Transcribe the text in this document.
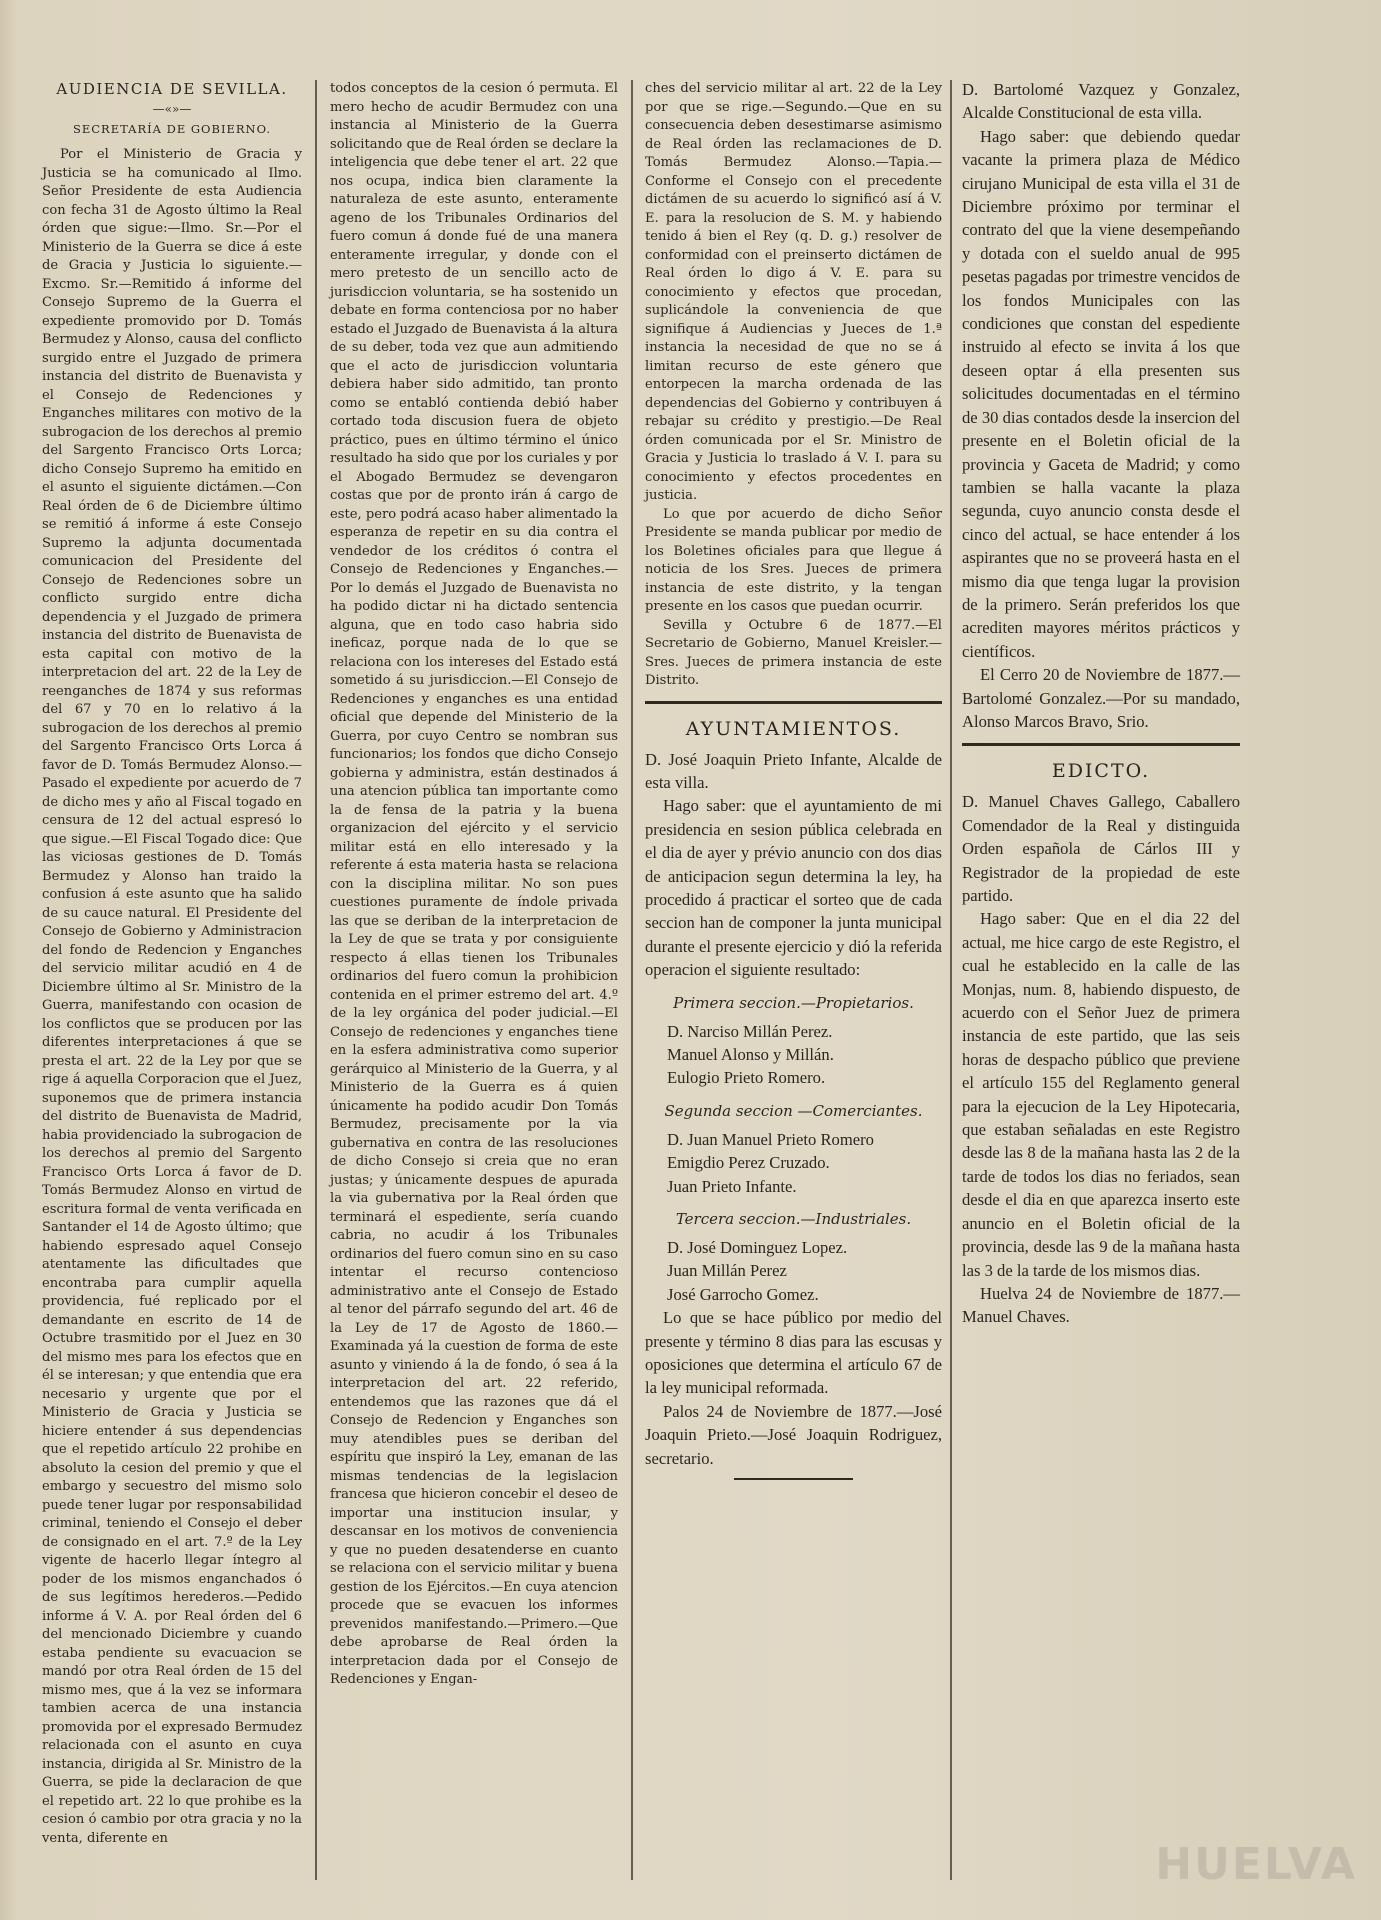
AUDIENCIA DE SEVILLA.

—«»—

SECRETARÍA DE GOBIERNO.

Por el Ministerio de Gracia y Justicia se ha comunicado al Ilmo. Señor Presidente de esta Audiencia con fecha 31 de Agosto último la Real órden que sigue:—Ilmo. Sr.—Por el Ministerio de la Guerra se dice á este de Gracia y Justicia lo siguiente.—Excmo. Sr.—Remitido á informe del Consejo Supremo de la Guerra el expediente promovido por D. Tomás Bermudez y Alonso, causa del conflicto surgido entre el Juzgado de primera instancia del distrito de Buenavista y el Consejo de Redenciones y Enganches militares con motivo de la subrogacion de los derechos al premio del Sargento Francisco Orts Lorca; dicho Consejo Supremo ha emitido en el asunto el siguiente dictámen.—Con Real órden de 6 de Diciembre último se remitió á informe á este Consejo Supremo la adjunta documentada comunicacion del Presidente del Consejo de Redenciones sobre un conflicto surgido entre dicha dependencia y el Juzgado de primera instancia del distrito de Buenavista de esta capital con motivo de la interpretacion del art. 22 de la Ley de reenganches de 1874 y sus reformas del 67 y 70 en lo relativo á la subrogacion de los derechos al premio del Sargento Francisco Orts Lorca á favor de D. Tomás Bermudez Alonso.—Pasado el expediente por acuerdo de 7 de dicho mes y año al Fiscal togado en censura de 12 del actual espresó lo que sigue.—El Fiscal Togado dice: Que las viciosas gestiones de D. Tomás Bermudez y Alonso han traido la confusion á este asunto que ha salido de su cauce natural. El Presidente del Consejo de Gobierno y Administracion del fondo de Redencion y Enganches del servicio militar acudió en 4 de Diciembre último al Sr. Ministro de la Guerra, manifestando con ocasion de los conflictos que se producen por las diferentes interpretaciones á que se presta el art. 22 de la Ley por que se rige á aquella Corporacion que el Juez, suponemos que de primera instancia del distrito de Buenavista de Madrid, habia providenciado la subrogacion de los derechos al premio del Sargento Francisco Orts Lorca á favor de D. Tomás Bermudez Alonso en virtud de escritura formal de venta verificada en Santander el 14 de Agosto último; que habiendo espresado aquel Consejo atentamente las dificultades que encontraba para cumplir aquella providencia, fué replicado por el demandante en escrito de 14 de Octubre trasmitido por el Juez en 30 del mismo mes para los efectos que en él se interesan; y que entendia que era necesario y urgente que por el Ministerio de Gracia y Justicia se hiciere entender á sus dependencias que el repetido artículo 22 prohibe en absoluto la cesion del premio y que el embargo y secuestro del mismo solo puede tener lugar por responsabilidad criminal, teniendo el Consejo el deber de consignado en el art. 7.º de la Ley vigente de hacerlo llegar íntegro al poder de los mismos enganchados ó de sus legítimos herederos.—Pedido informe á V. A. por Real órden del 6 del mencionado Diciembre y cuando estaba pendiente su evacuacion se mandó por otra Real órden de 15 del mismo mes, que á la vez se informara tambien acerca de una instancia promovida por el expresado Bermudez relacionada con el asunto en cuya instancia, dirigida al Sr. Ministro de la Guerra, se pide la declaracion de que el repetido art. 22 lo que prohibe es la cesion ó cambio por otra gracia y no la venta, diferente en

todos conceptos de la cesion ó permuta. El mero hecho de acudir Bermudez con una instancia al Ministerio de la Guerra solicitando que de Real órden se declare la inteligencia que debe tener el art. 22 que nos ocupa, indica bien claramente la naturaleza de este asunto, enteramente ageno de los Tribunales Ordinarios del fuero comun á donde fué de una manera enteramente irregular, y donde con el mero pretesto de un sencillo acto de jurisdiccion voluntaria, se ha sostenido un debate en forma contenciosa por no haber estado el Juzgado de Buenavista á la altura de su deber, toda vez que aun admitiendo que el acto de jurisdiccion voluntaria debiera haber sido admitido, tan pronto como se entabló contienda debió haber cortado toda discusion fuera de objeto práctico, pues en último término el único resultado ha sido que por los curiales y por el Abogado Bermudez se devengaron costas que por de pronto irán á cargo de este, pero podrá acaso haber alimentado la esperanza de repetir en su dia contra el vendedor de los créditos ó contra el Consejo de Redenciones y Enganches.—Por lo demás el Juzgado de Buenavista no ha podido dictar ni ha dictado sentencia alguna, que en todo caso habria sido ineficaz, porque nada de lo que se relaciona con los intereses del Estado está sometido á su jurisdiccion.—El Consejo de Redenciones y enganches es una entidad oficial que depende del Ministerio de la Guerra, por cuyo Centro se nombran sus funcionarios; los fondos que dicho Consejo gobierna y administra, están destinados á una atencion pública tan importante como la de fensa de la patria y la buena organizacion del ejército y el servicio militar está en ello interesado y la referente á esta materia hasta se relaciona con la disciplina militar. No son pues cuestiones puramente de índole privada las que se deriban de la interpretacion de la Ley de que se trata y por consiguiente respecto á ellas tienen los Tribunales ordinarios del fuero comun la prohibicion contenida en el primer estremo del art. 4.º de la ley orgánica del poder judicial.—El Consejo de redenciones y enganches tiene en la esfera administrativa como superior gerárquico al Ministerio de la Guerra, y al Ministerio de la Guerra es á quien únicamente ha podido acudir Don Tomás Bermudez, precisamente por la via gubernativa en contra de las resoluciones de dicho Consejo si creia que no eran justas; y únicamente despues de apurada la via gubernativa por la Real órden que terminará el espediente, sería cuando cabria, no acudir á los Tribunales ordinarios del fuero comun sino en su caso intentar el recurso contencioso administrativo ante el Consejo de Estado al tenor del párrafo segundo del art. 46 de la Ley de 17 de Agosto de 1860.—Examinada yá la cuestion de forma de este asunto y viniendo á la de fondo, ó sea á la interpretacion del art. 22 referido, entendemos que las razones que dá el Consejo de Redencion y Enganches son muy atendibles pues se deriban del espíritu que inspiró la Ley, emanan de las mismas tendencias de la legislacion francesa que hicieron concebir el deseo de importar una institucion insular, y descansar en los motivos de conveniencia y que no pueden desatenderse en cuanto se relaciona con el servicio militar y buena gestion de los Ejércitos.—En cuya atencion procede que se evacuen los informes prevenidos manifestando.—Primero.—Que debe aprobarse de Real órden la interpretacion dada por el Consejo de Redenciones y Engan-

ches del servicio militar al art. 22 de la Ley por que se rige.—Segundo.—Que en su consecuencia deben desestimarse asimismo de Real órden las reclamaciones de D. Tomás Bermudez Alonso.—Tapia.—Conforme el Consejo con el precedente dictámen de su acuerdo lo significó así á V. E. para la resolucion de S. M. y habiendo tenido á bien el Rey (q. D. g.) resolver de conformidad con el preinserto dictámen de Real órden lo digo á V. E. para su conocimiento y efectos que procedan, suplicándole la conveniencia de que signifique á Audiencias y Jueces de 1.ª instancia la necesidad de que no se á limitan recurso de este género que entorpecen la marcha ordenada de las dependencias del Gobierno y contribuyen á rebajar su crédito y prestigio.—De Real órden comunicada por el Sr. Ministro de Gracia y Justicia lo traslado á V. I. para su conocimiento y efectos procedentes en justicia.

Lo que por acuerdo de dicho Señor Presidente se manda publicar por medio de los Boletines oficiales para que llegue á noticia de los Sres. Jueces de primera instancia de este distrito, y la tengan presente en los casos que puedan ocurrir.

Sevilla y Octubre 6 de 1877.—El Secretario de Gobierno, Manuel Kreisler.—Sres. Jueces de primera instancia de este Distrito.

AYUNTAMIENTOS.

D. José Joaquin Prieto Infante, Alcalde de esta villa.

Hago saber: que el ayuntamiento de mi presidencia en sesion pública celebrada en el dia de ayer y prévio anuncio con dos dias de anticipacion segun determina la ley, ha procedido á practicar el sorteo que de cada seccion han de componer la junta municipal durante el presente ejercicio y dió la referida operacion el siguiente resultado:

Primera seccion.—Propietarios.

D. Narciso Millán Perez.

Manuel Alonso y Millán.

Eulogio Prieto Romero.

Segunda seccion —Comerciantes.

D. Juan Manuel Prieto Romero

Emigdio Perez Cruzado.

Juan Prieto Infante.

Tercera seccion.—Industriales.

D. José Dominguez Lopez.

Juan Millán Perez

José Garrocho Gomez.

Lo que se hace público por medio del presente y término 8 dias para las escusas y oposiciones que determina el artículo 67 de la ley municipal reformada.

Palos 24 de Noviembre de 1877.—José Joaquin Prieto.—José Joaquin Rodriguez, secretario.

D. Bartolomé Vazquez y Gonzalez, Alcalde Constitucional de esta villa.

Hago saber: que debiendo quedar vacante la primera plaza de Médico cirujano Municipal de esta villa el 31 de Diciembre próximo por terminar el contrato del que la viene desempeñando y dotada con el sueldo anual de 995 pesetas pagadas por trimestre vencidos de los fondos Municipales con las condiciones que constan del espediente instruido al efecto se invita á los que deseen optar á ella presenten sus solicitudes documentadas en el término de 30 dias contados desde la insercion del presente en el Boletin oficial de la provincia y Gaceta de Madrid; y como tambien se halla vacante la plaza segunda, cuyo anuncio consta desde el cinco del actual, se hace entender á los aspirantes que no se proveerá hasta en el mismo dia que tenga lugar la provision de la primero. Serán preferidos los que acrediten mayores méritos prácticos y científicos.

El Cerro 20 de Noviembre de 1877.—Bartolomé Gonzalez.—Por su mandado, Alonso Marcos Bravo, Srio.

EDICTO.

D. Manuel Chaves Gallego, Caballero Comendador de la Real y distinguida Orden española de Cárlos III y Registrador de la propiedad de este partido.

Hago saber: Que en el dia 22 del actual, me hice cargo de este Registro, el cual he establecido en la calle de las Monjas, num. 8, habiendo dispuesto, de acuerdo con el Señor Juez de primera instancia de este partido, que las seis horas de despacho público que previene el artículo 155 del Reglamento general para la ejecucion de la Ley Hipotecaria, que estaban señaladas en este Registro desde las 8 de la mañana hasta las 2 de la tarde de todos los dias no feriados, sean desde el dia en que aparezca inserto este anuncio en el Boletin oficial de la provincia, desde las 9 de la mañana hasta las 3 de la tarde de los mismos dias.

Huelva 24 de Noviembre de 1877.—Manuel Chaves.

HUELVA
